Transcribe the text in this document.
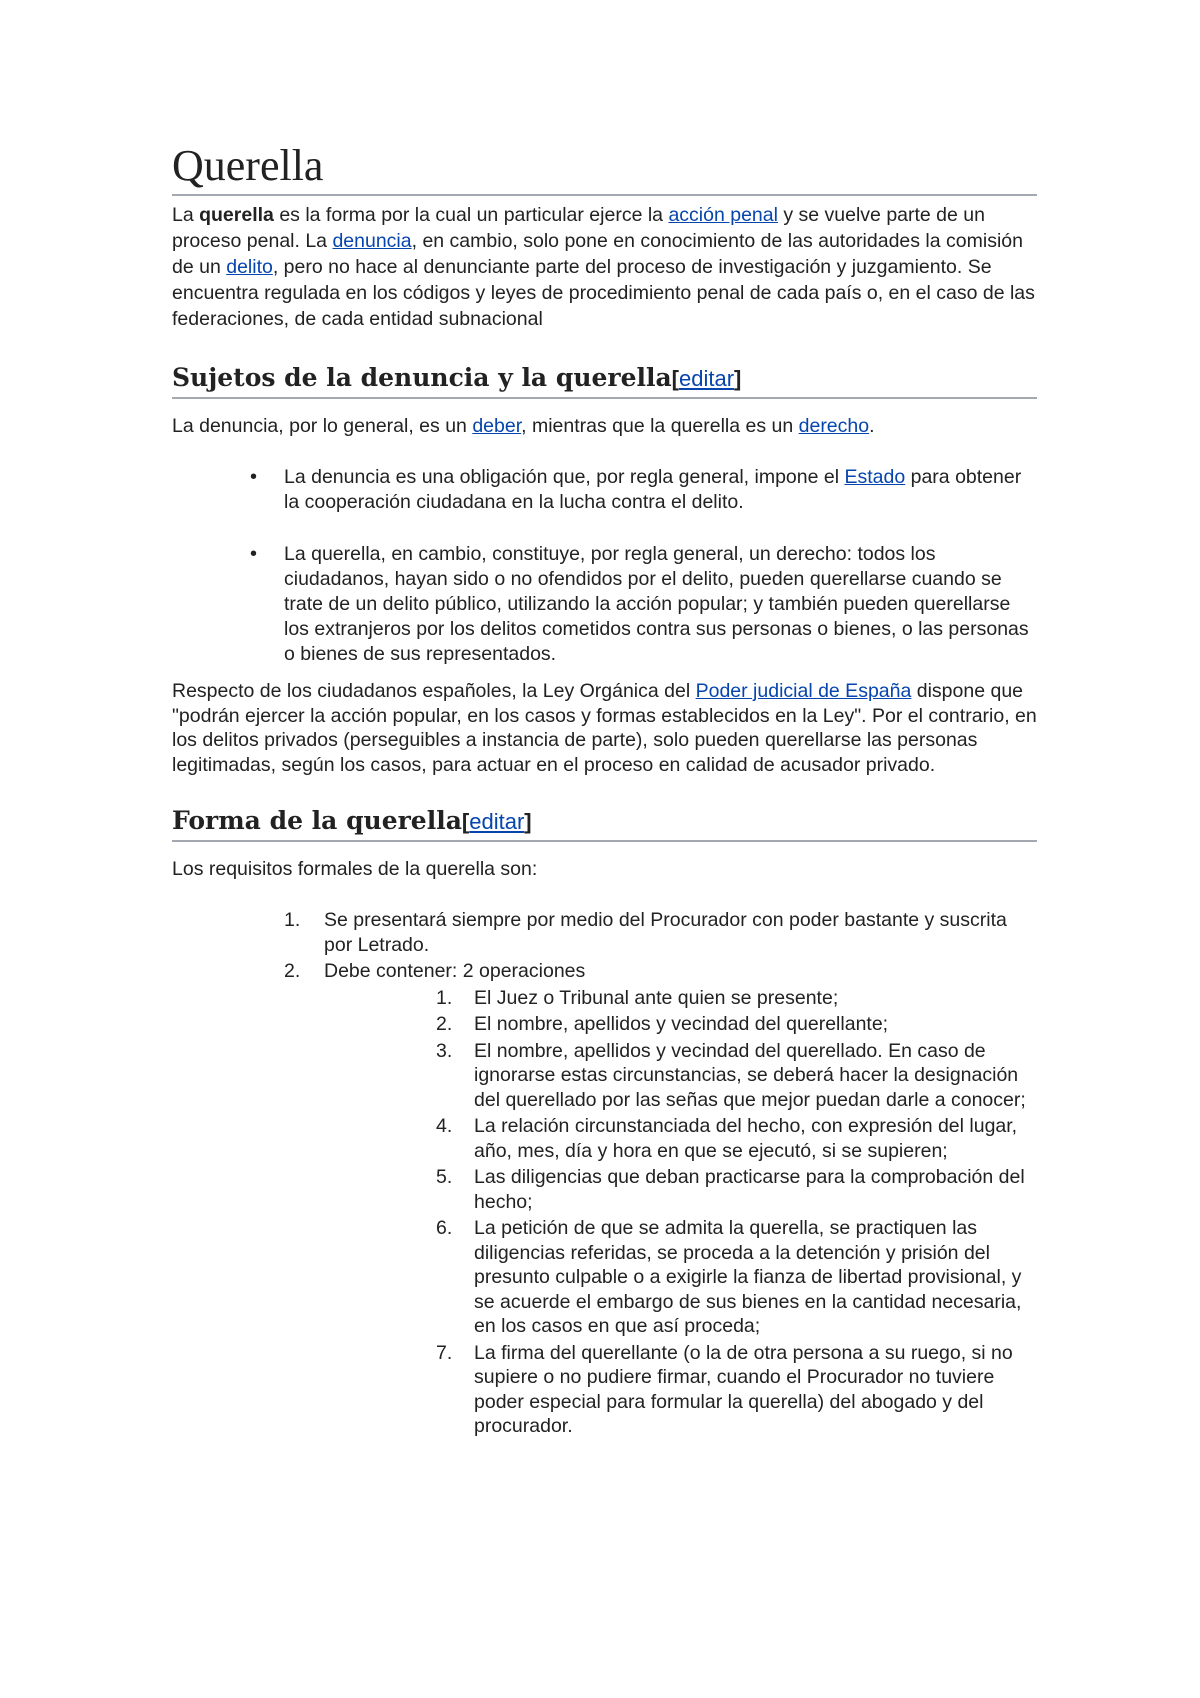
Querella

La querella es la forma por la cual un particular ejerce la acción penal y se vuelve parte de un proceso penal. La denuncia, en cambio, solo pone en conocimiento de las autoridades la comisión de un delito, pero no hace al denunciante parte del proceso de investigación y juzgamiento. Se encuentra regulada en los códigos y leyes de procedimiento penal de cada país o, en el caso de las federaciones, de cada entidad subnacional

Sujetos de la denuncia y la querella[editar]

La denuncia, por lo general, es un deber, mientras que la querella es un derecho.

• La denuncia es una obligación que, por regla general, impone el Estado para obtener la cooperación ciudadana en la lucha contra el delito.
• La querella, en cambio, constituye, por regla general, un derecho: todos los ciudadanos, hayan sido o no ofendidos por el delito, pueden querellarse cuando se trate de un delito público, utilizando la acción popular; y también pueden querellarse los extranjeros por los delitos cometidos contra sus personas o bienes, o las personas o bienes de sus representados.

Respecto de los ciudadanos españoles, la Ley Orgánica del Poder judicial de España dispone que "podrán ejercer la acción popular, en los casos y formas establecidos en la Ley". Por el contrario, en los delitos privados (perseguibles a instancia de parte), solo pueden querellarse las personas legitimadas, según los casos, para actuar en el proceso en calidad de acusador privado.

Forma de la querella[editar]

Los requisitos formales de la querella son:

1. Se presentará siempre por medio del Procurador con poder bastante y suscrita por Letrado.
2. Debe contener: 2 operaciones
1. El Juez o Tribunal ante quien se presente;
2. El nombre, apellidos y vecindad del querellante;
3. El nombre, apellidos y vecindad del querellado. En caso de ignorarse estas circunstancias, se deberá hacer la designación del querellado por las señas que mejor puedan darle a conocer;
4. La relación circunstanciada del hecho, con expresión del lugar, año, mes, día y hora en que se ejecutó, si se supieren;
5. Las diligencias que deban practicarse para la comprobación del hecho;
6. La petición de que se admita la querella, se practiquen las diligencias referidas, se proceda a la detención y prisión del presunto culpable o a exigirle la fianza de libertad provisional, y se acuerde el embargo de sus bienes en la cantidad necesaria, en los casos en que así proceda;
7. La firma del querellante (o la de otra persona a su ruego, si no supiere o no pudiere firmar, cuando el Procurador no tuviere poder especial para formular la querella) del abogado y del procurador.
